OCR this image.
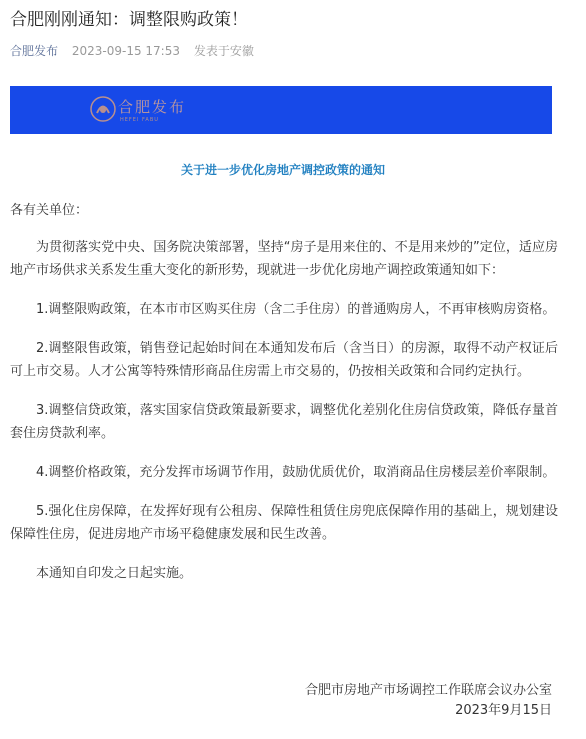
合肥刚刚通知：调整限购政策！
合肥发布 2023-09-15 17:53 发表于安徽
合肥发布
HEFEI FABU
关于进一步优化房地产调控政策的通知

各有关单位：

为贯彻落实党中央、国务院决策部署，坚持“房子是用来住的、不是用来炒的”定位，适应房地产市场供求关系发生重大变化的新形势，现就进一步优化房地产调控政策通知如下：

1.调整限购政策，在本市市区购买住房（含二手住房）的普通购房人，不再审核购房资格。

2.调整限售政策，销售登记起始时间在本通知发布后（含当日）的房源，取得不动产权证后可上市交易。人才公寓等特殊情形商品住房需上市交易的，仍按相关政策和合同约定执行。

3.调整信贷政策，落实国家信贷政策最新要求，调整优化差别化住房信贷政策，降低存量首套住房贷款利率。

4.调整价格政策，充分发挥市场调节作用，鼓励优质优价，取消商品住房楼层差价率限制。

5.强化住房保障，在发挥好现有公租房、保障性租赁住房兜底保障作用的基础上，规划建设保障性住房，促进房地产市场平稳健康发展和民生改善。

本通知自印发之日起实施。

合肥市房地产市场调控工作联席会议办公室
2023年9月15日
